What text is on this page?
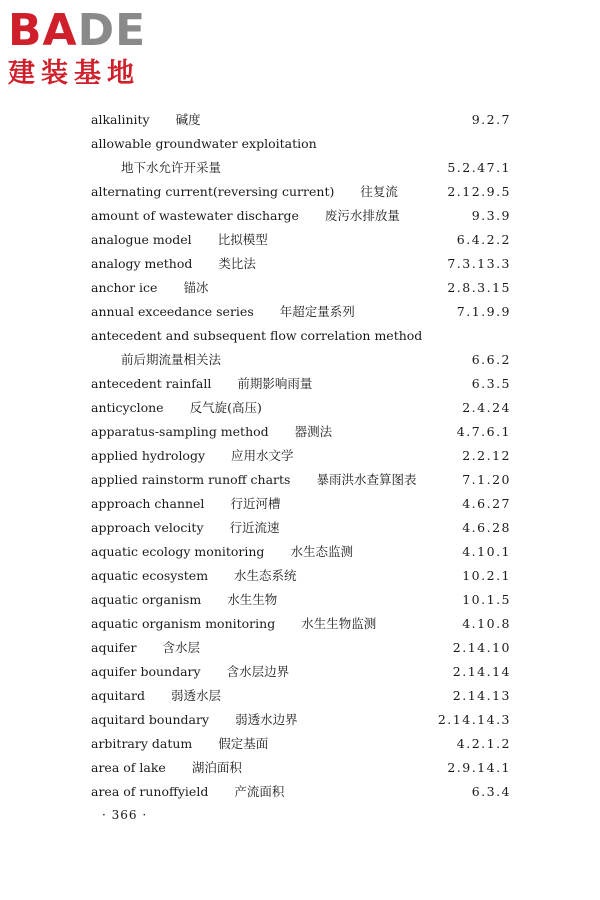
BADE
建装基地
alkalinity 碱度	9.2.7
allowable groundwater exploitation
地下水允许开采量	5.2.47.1
alternating current(reversing current) 往复流	2.12.9.5
amount of wastewater discharge 废污水排放量	9.3.9
analogue model 比拟模型	6.4.2.2
analogy method 类比法	7.3.13.3
anchor ice 锚冰	2.8.3.15
annual exceedance series 年超定量系列	7.1.9.9
antecedent and subsequent flow correlation method
前后期流量相关法	6.6.2
antecedent rainfall 前期影响雨量	6.3.5
anticyclone 反气旋(高压)	2.4.24
apparatus-sampling method 器测法	4.7.6.1
applied hydrology 应用水文学	2.2.12
applied rainstorm runoff charts 暴雨洪水查算图表	7.1.20
approach channel 行近河槽	4.6.27
approach velocity 行近流速	4.6.28
aquatic ecology monitoring 水生态监测	4.10.1
aquatic ecosystem 水生态系统	10.2.1
aquatic organism 水生生物	10.1.5
aquatic organism monitoring 水生生物监测	4.10.8
aquifer 含水层	2.14.10
aquifer boundary 含水层边界	2.14.14
aquitard 弱透水层	2.14.13
aquitard boundary 弱透水边界	2.14.14.3
arbitrary datum 假定基面	4.2.1.2
area of lake 湖泊面积	2.9.14.1
area of runoffyield 产流面积	6.3.4
· 366 ·
